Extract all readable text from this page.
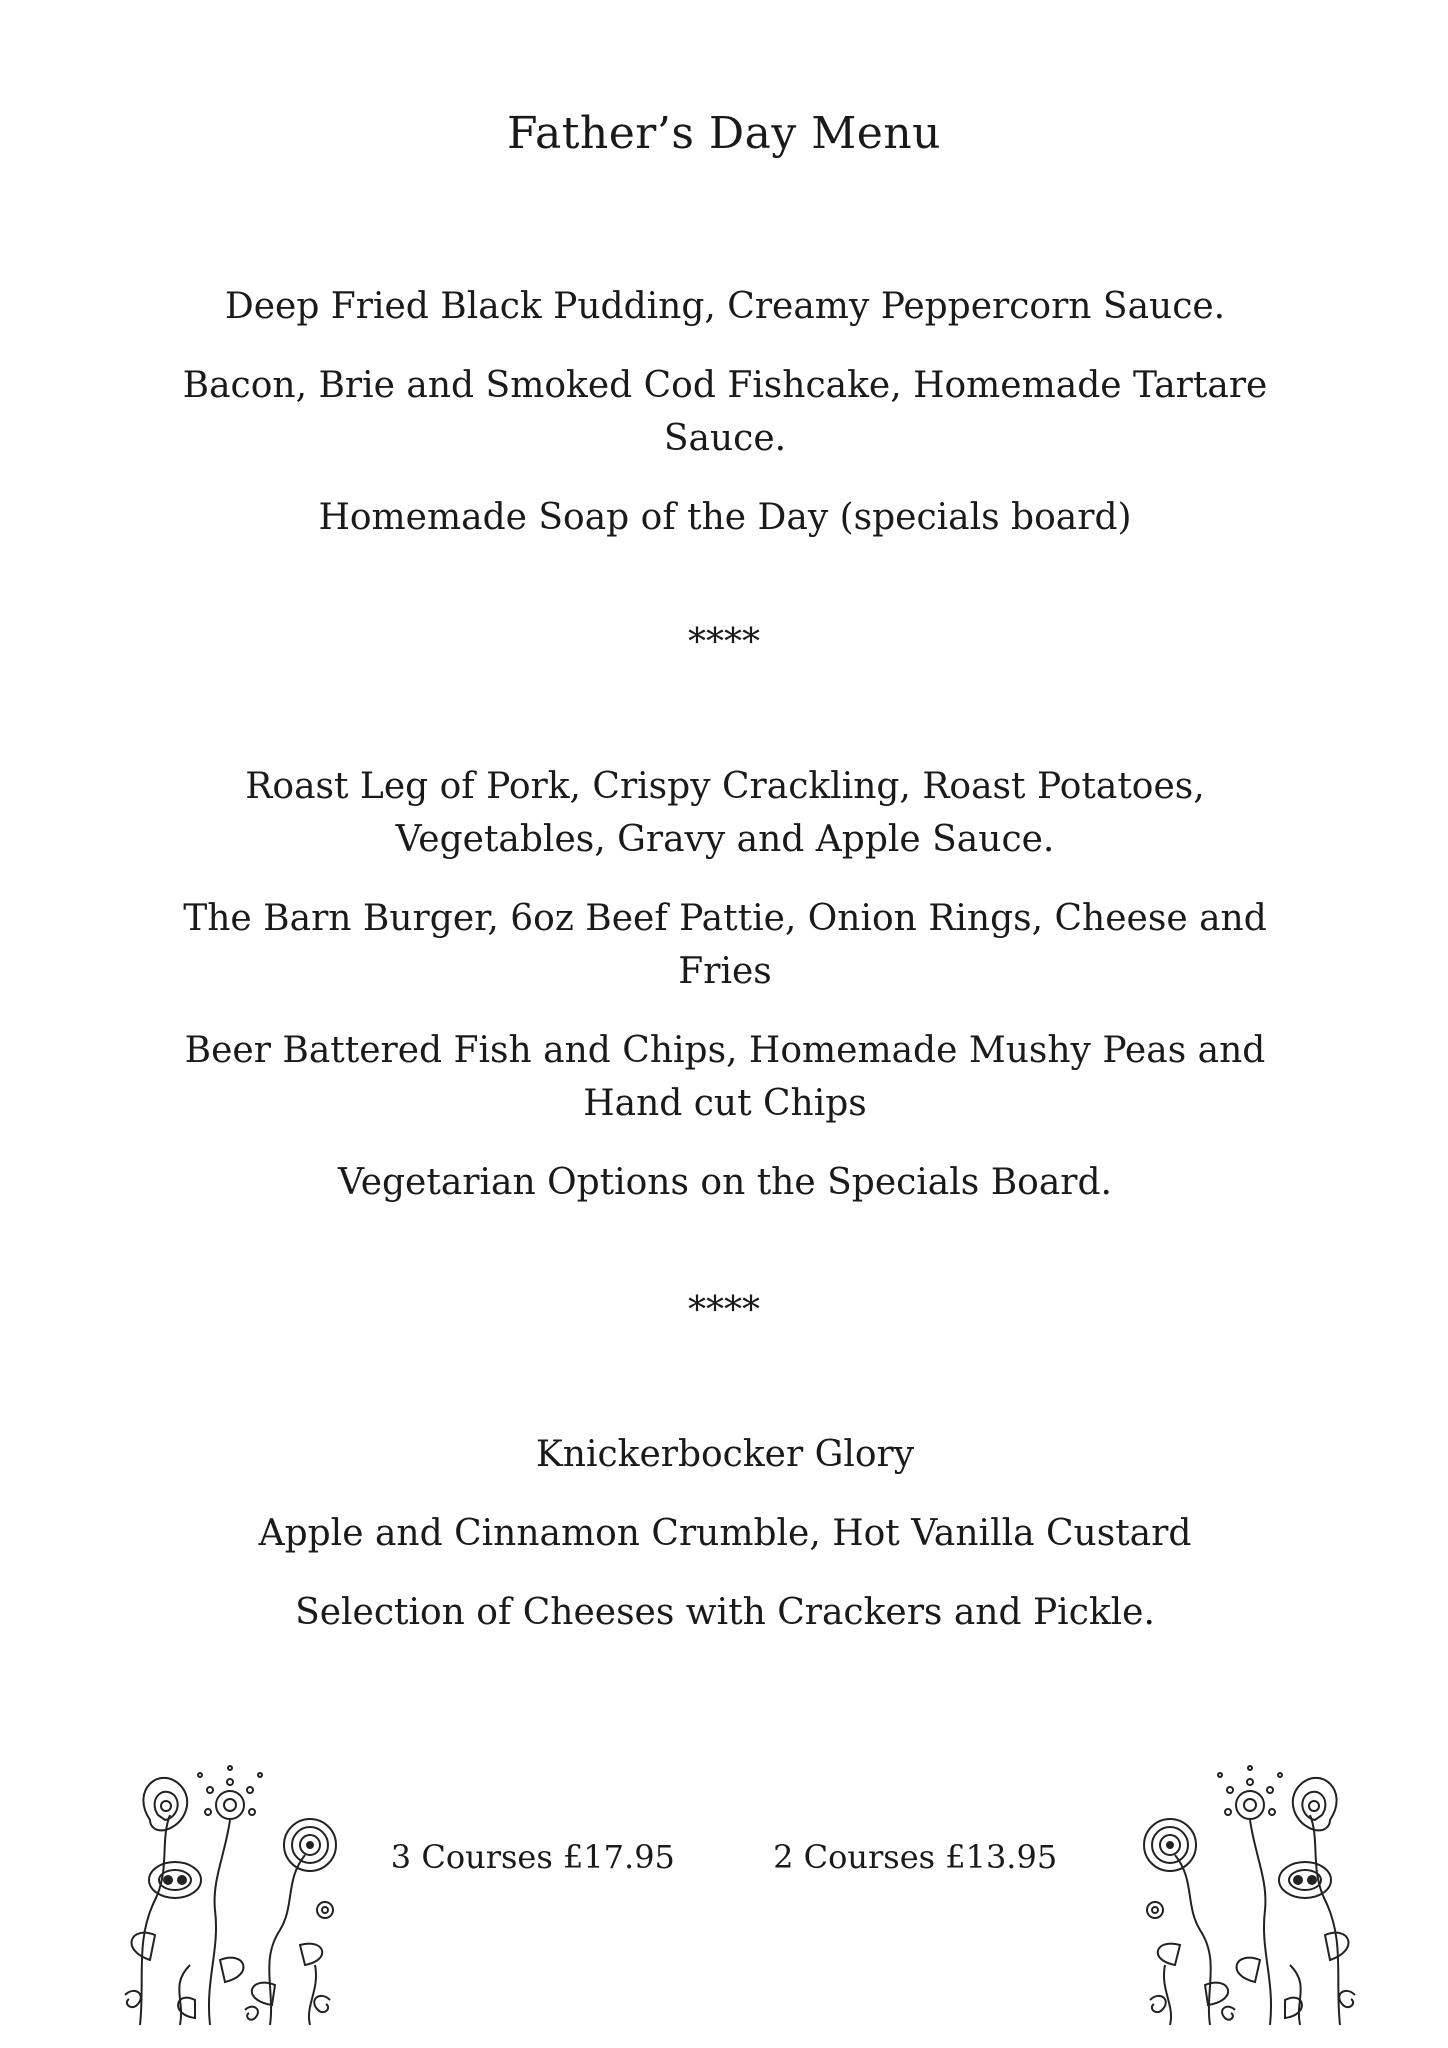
Father’s Day Menu
Deep Fried Black Pudding, Creamy Peppercorn Sauce.
Bacon, Brie and Smoked Cod Fishcake, Homemade Tartare Sauce.
Homemade Soap of the Day (specials board)
****
Roast Leg of Pork, Crispy Crackling, Roast Potatoes, Vegetables, Gravy and Apple Sauce.
The Barn Burger, 6oz Beef Pattie, Onion Rings, Cheese and Fries
Beer Battered Fish and Chips, Homemade Mushy Peas and Hand cut Chips
Vegetarian Options on the Specials Board.
****
Knickerbocker Glory
Apple and Cinnamon Crumble, Hot Vanilla Custard
Selection of Cheeses with Crackers and Pickle.
3 Courses £17.95	2 Courses £13.95
